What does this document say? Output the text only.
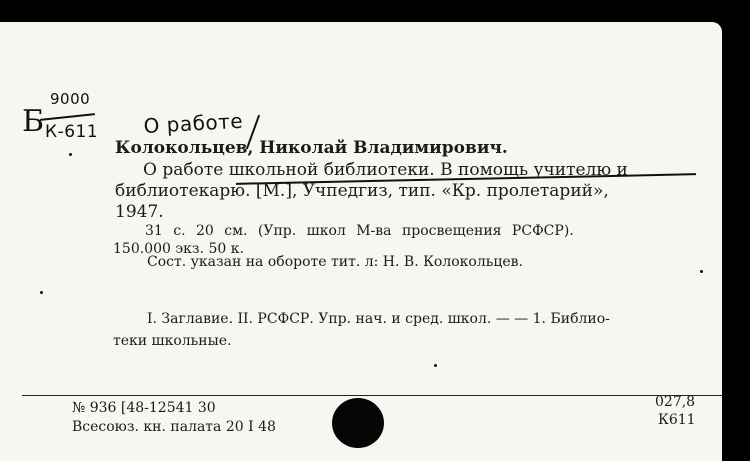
Б
9000
К-611 О работе
Колокольцев, Николай Владимирович.
О работе школьной библиотеки. В помощь учителю и
библиотекарю. [М.], Учпедгиз, тип. «Кр. пролетарий»,
1947.
31 с. 20 см. (Упр. школ М-ва просвещения РСФСР).
150.000 экз. 50 к.
Сост. указан на обороте тит. л: Н. В. Колокольцев.
I. Заглавие. II. РСФСР. Упр. нач. и сред. школ. — — 1. Библио-
теки школьные.
№ 936 [48-12541 30
Всесоюз. кн. палата 20 I 48
027,8
К611
